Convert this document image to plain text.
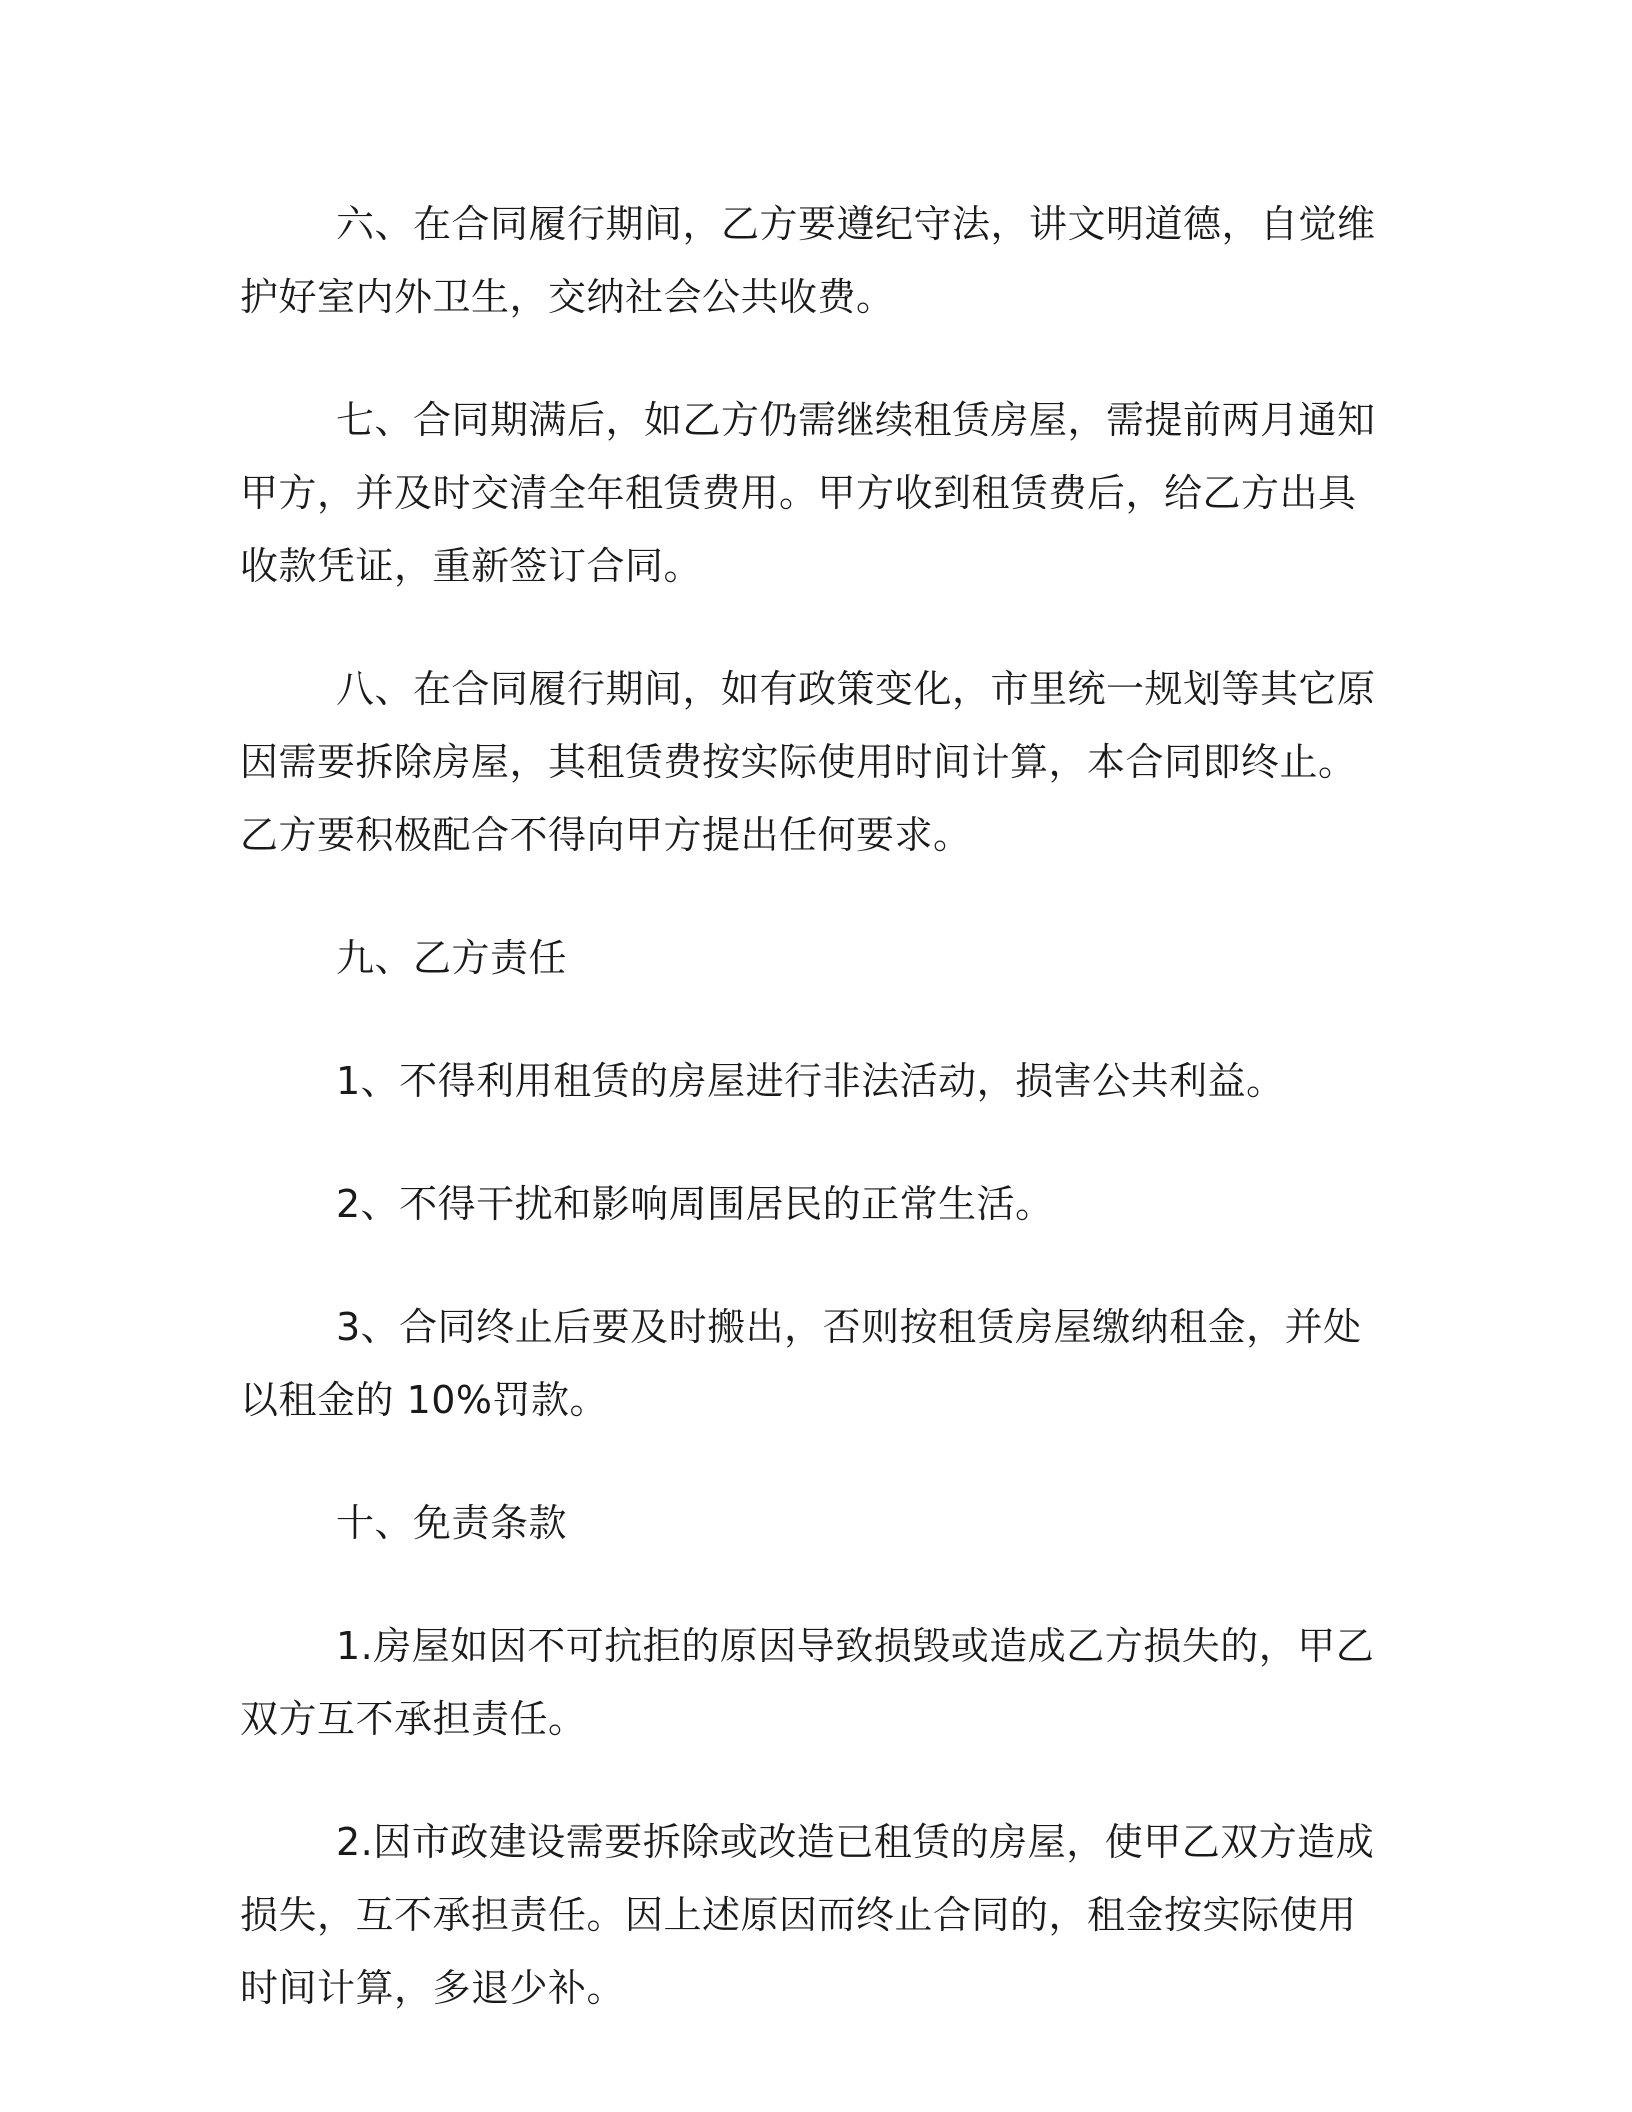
六、在合同履行期间，乙方要遵纪守法，讲文明道德，自觉维护好室内外卫生，交纳社会公共收费。

七、合同期满后，如乙方仍需继续租赁房屋，需提前两月通知甲方，并及时交清全年租赁费用。甲方收到租赁费后，给乙方出具收款凭证，重新签订合同。

八、在合同履行期间，如有政策变化，市里统一规划等其它原因需要拆除房屋，其租赁费按实际使用时间计算，本合同即终止。乙方要积极配合不得向甲方提出任何要求。

九、乙方责任

1、不得利用租赁的房屋进行非法活动，损害公共利益。

2、不得干扰和影响周围居民的正常生活。

3、合同终止后要及时搬出，否则按租赁房屋缴纳租金，并处以租金的 10%罚款。

十、免责条款

1.房屋如因不可抗拒的原因导致损毁或造成乙方损失的，甲乙双方互不承担责任。

2.因市政建设需要拆除或改造已租赁的房屋，使甲乙双方造成损失，互不承担责任。因上述原因而终止合同的，租金按实际使用时间计算，多退少补。
